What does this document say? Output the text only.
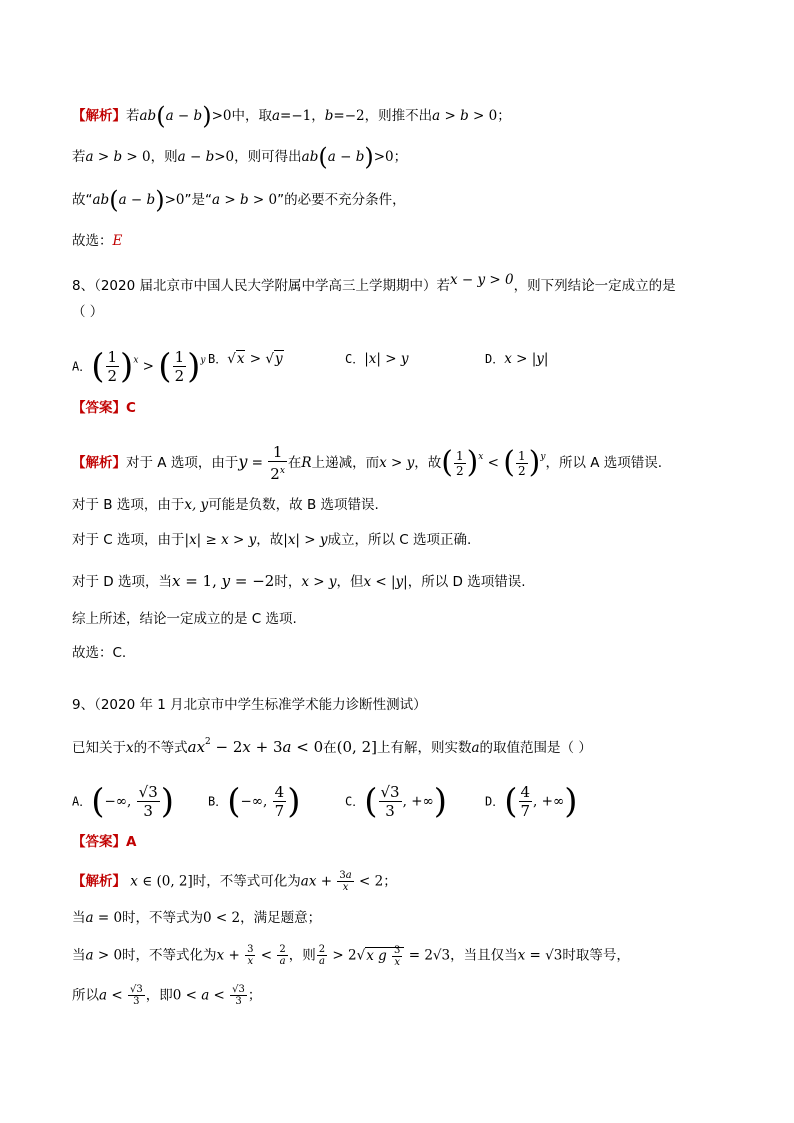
【解析】若ab(a − b)>0中，取a=−1，b=−2，则推不出a > b > 0；
若a > b > 0，则a − b>0，则可得出ab(a − b)>0；
故“ab(a − b)>0”是“a > b > 0”的必要不充分条件，
故选：E
8、（2020 届北京市中国人民大学附属中学高三上学期期中）若x − y > 0，则下列结论一定成立的是
（ ）
A．( $\frac{1}{2} )^x$ > ( $\frac{1}{2} )^y$ B．√x > √y	C．|x| > y	D．x > |y|
【答案】C
【解析】对于 A 选项，由于$y = \frac{1}{2^x}$ 在R上递减，而x > y，故( $\frac{1}{2} )^x$ < ( $\frac{1}{2} )^y$，所以 A 选项错误.
对于 B 选项，由于x, y可能是负数，故 B 选项错误.
对于 C 选项，由于|x| ≥ x > y，故|x| > y成立，所以 C 选项正确.
对于 D 选项，当x = 1, y = −2时，x > y，但x < |y|，所以 D 选项错误.
综上所述，结论一定成立的是 C 选项.
故选：C.
9、（2020 年 1 月北京市中学生标准学术能力诊断性测试）
已知关于x的不等式$ax^2 - 2x + 3a < 0$在(0, 2]上有解，则实数a的取值范围是（ ）
A．(−∞, $\frac{√3}{3}$ )	B．(−∞, $\frac{4}{7}$ )	C．( $\frac{√3}{3}$ , +∞)	D．( $\frac{4}{7}$ , +∞)
【答案】A
【解析】 x ∈ (0, 2]时，不等式可化为ax + $\frac{3a}{x} < 2$；
当a = 0时，不等式为0 < 2，满足题意；
当a > 0时，不等式化为$x + \frac{3}{x} < \frac{2}{a}$ ，则 $\frac{2}{a} > 2√x$ g $\frac{3}{x} = 2√3$，当且仅当x = √3时取等号，
所以$a < \frac{√3}{3}$ ，即$0 < a < \frac{√3}{3}$ ；
